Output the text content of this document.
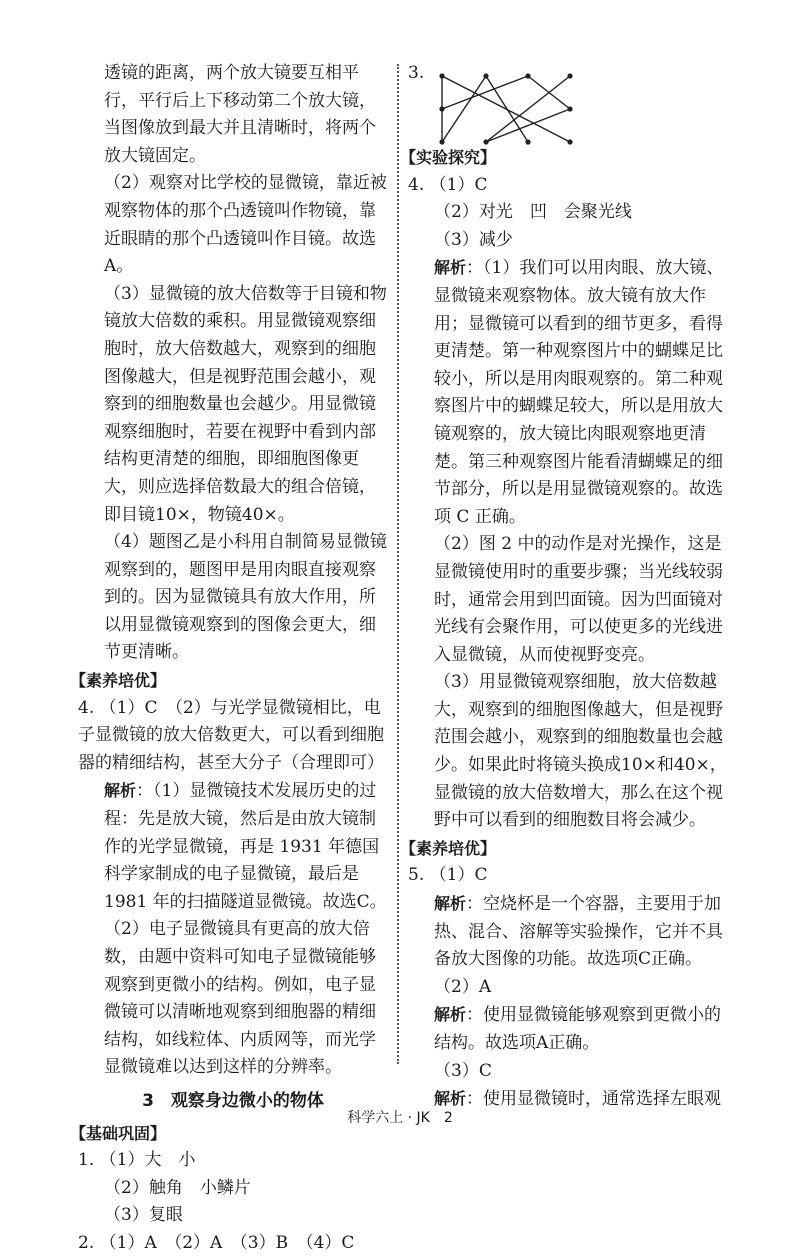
透镜的距离，两个放大镜要互相平行，平行后上下移动第二个放大镜，当图像放到最大并且清晰时，将两个放大镜固定。

（2）观察对比学校的显微镜，靠近被观察物体的那个凸透镜叫作物镜，靠近眼睛的那个凸透镜叫作目镜。故选A。

（3）显微镜的放大倍数等于目镜和物镜放大倍数的乘积。用显微镜观察细胞时，放大倍数越大，观察到的细胞图像越大，但是视野范围会越小，观察到的细胞数量也会越少。用显微镜观察细胞时，若要在视野中看到内部结构更清楚的细胞，即细胞图像更大，则应选择倍数最大的组合倍镜，即目镜10×，物镜40×。

（4）题图乙是小科用自制简易显微镜观察到的，题图甲是用肉眼直接观察到的。因为显微镜具有放大作用，所以用显微镜观察到的图像会更大，细节更清晰。

【素养培优】

4. （1）C　（2）与光学显微镜相比，电子显微镜的放大倍数更大，可以看到细胞器的精细结构，甚至大分子（合理即可）

解析：（1）显微镜技术发展历史的过程：先是放大镜，然后是由放大镜制作的光学显微镜，再是 1931 年德国科学家制成的电子显微镜，最后是 1981 年的扫描隧道显微镜。故选C。（2）电子显微镜具有更高的放大倍数，由题中资料可知电子显微镜能够观察到更微小的结构。例如，电子显微镜可以清晰地观察到细胞器的精细结构，如线粒体、内质网等，而光学显微镜难以达到这样的分辨率。

3　观察身边微小的物体

【基础巩固】

1. （1）大　小

（2）触角　小鳞片

（3）复眼

2. （1）A　（2）A　（3）B　（4）C

3.

【实验探究】

4. （1）C

（2）对光　凹　会聚光线

（3）减少

解析：（1）我们可以用肉眼、放大镜、显微镜来观察物体。放大镜有放大作用；显微镜可以看到的细节更多，看得更清楚。第一种观察图片中的蝴蝶足比较小，所以是用肉眼观察的。第二种观察图片中的蝴蝶足较大，所以是用放大镜观察的，放大镜比肉眼观察地更清楚。第三种观察图片能看清蝴蝶足的细节部分，所以是用显微镜观察的。故选项 C 正确。

（2）图 2 中的动作是对光操作，这是显微镜使用时的重要步骤；当光线较弱时，通常会用到凹面镜。因为凹面镜对光线有会聚作用，可以使更多的光线进入显微镜，从而使视野变亮。

（3）用显微镜观察细胞，放大倍数越大，观察到的细胞图像越大，但是视野范围会越小，观察到的细胞数量也会越少。如果此时将镜头换成10×和40×，显微镜的放大倍数增大，那么在这个视野中可以看到的细胞数目将会减少。

【素养培优】

5. （1）C

解析：空烧杯是一个容器，主要用于加热、混合、溶解等实验操作，它并不具备放大图像的功能。故选项C正确。

（2）A

解析：使用显微镜能够观察到更微小的结构。故选项A正确。

（3）C

解析：使用显微镜时，通常选择左眼观

科学六上 · JK　2
